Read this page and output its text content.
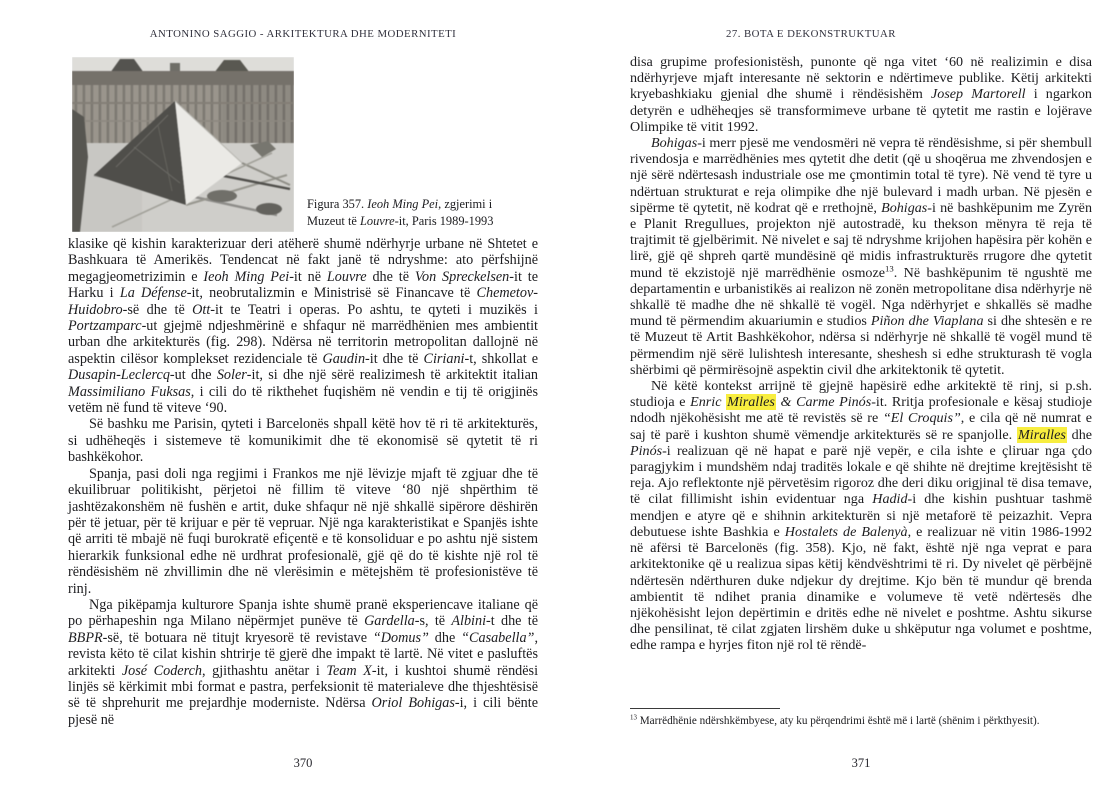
ANTONINO SAGGIO - ARKITEKTURA DHE MODERNITETI
Figura 357. Ieoh Ming Pei, zgjerimi i Muzeut të Louvre-it, Paris 1989-1993

klasike që kishin karakterizuar deri atëherë shumë ndërhyrje urbane në Shtetet e Bashkuara të Amerikës. Tendencat në fakt janë të ndryshme: ato përfshijnë megagjeometrizimin e Ieoh Ming Pei-it në Louvre dhe të Von Spreckelsen-it te Harku i La Défense-it, neobrutalizmin e Ministrisë së Financave të Chemetov-Huidobro-së dhe të Ott-it te Teatri i operas. Po ashtu, te qyteti i muzikës i Portzamparc-ut gjejmë ndjeshmërinë e shfaqur në marrëdhënien mes ambientit urban dhe arkitekturës (fig. 298). Ndërsa në territorin metropolitan dallojnë në aspektin cilësor komplekset rezidenciale të Gaudin-it dhe të Ciriani-t, shkollat e Dusapin-Leclercq-ut dhe Soler-it, si dhe një sërë realizimesh të arkitektit italian Massimiliano Fuksas, i cili do të rikthehet fuqishëm në vendin e tij të origjinës vetëm në fund të viteve ‘90.

Së bashku me Parisin, qyteti i Barcelonës shpall këtë hov të ri të arkitekturës, si udhëheqës i sistemeve të komunikimit dhe të ekonomisë së qytetit të ri bashkëkohor.

Spanja, pasi doli nga regjimi i Frankos me një lëvizje mjaft të zgjuar dhe të ekuilibruar politikisht, përjetoi në fillim të viteve ‘80 një shpërthim të jashtëzakonshëm në fushën e artit, duke shfaqur në një shkallë sipërore dëshirën për të jetuar, për të krijuar e për të vepruar. Një nga karakteristikat e Spanjës ishte që arriti të mbajë në fuqi burokratë efiçentë e të konsoliduar e po ashtu një sistem hierarkik funksional edhe në urdhrat profesionalë, gjë që do të kishte një rol të rëndësishëm në zhvillimin dhe në vlerësimin e mëtejshëm të profesionistëve të rinj.

Nga pikëpamja kulturore Spanja ishte shumë pranë eksperiencave italiane që po përhapeshin nga Milano nëpërmjet punëve të Gardella-s, të Albini-t dhe të BBPR-së, të botuara në titujt kryesorë të revistave “Domus” dhe “Casabella”, revista këto të cilat kishin shtrirje të gjerë dhe impakt të lartë. Në vitet e pasluftës arkitekti José Coderch, gjithashtu anëtar i Team X-it, i kushtoi shumë rëndësi linjës së kërkimit mbi format e pastra, perfeksionit të materialeve dhe thjeshtësisë së të shprehurit me prejardhje moderniste. Ndërsa Oriol Bohigas-i, i cili bënte pjesë në

27. BOTA E DEKONSTRUKTUAR

disa grupime profesionistësh, punonte që nga vitet ‘60 në realizimin e disa ndërhyrjeve mjaft interesante në sektorin e ndërtimeve publike. Këtij arkitekti kryebashkiaku gjenial dhe shumë i rëndësishëm Josep Martorell i ngarkon detyrën e udhëheqjes së transformimeve urbane të qytetit me rastin e lojërave Olimpike të vitit 1992.

Bohigas-i merr pjesë me vendosmëri në vepra të rëndësishme, si për shembull rivendosja e marrëdhënies mes qytetit dhe detit (që u shoqërua me zhvendosjen e një sërë ndërtesash industriale ose me çmontimin total të tyre). Në vend të tyre u ndërtuan strukturat e reja olimpike dhe një bulevard i madh urban. Në pjesën e sipërme të qytetit, në kodrat që e rrethojnë, Bohigas-i në bashkëpunim me Zyrën e Planit Rregullues, projekton një autostradë, ku thekson mënyra të reja të trajtimit të gjelbërimit. Në nivelet e saj të ndryshme krijohen hapësira për kohën e lirë, gjë që shpreh qartë mundësinë që midis infrastrukturës rrugore dhe qytetit mund të ekzistojë një marrëdhënie osmoze$^{13}$. Në bashkëpunim të ngushtë me departamentin e urbanistikës ai realizon në zonën metropolitane disa ndërhyrje në shkallë të madhe dhe në shkallë të vogël. Nga ndërhyrjet e shkallës së madhe mund të përmendim akuariumin e studios Piñon dhe Viaplana si dhe shtesën e re të Muzeut të Artit Bashkëkohor, ndërsa si ndërhyrje në shkallë të vogël mund të përmendim një sërë lulishtesh interesante, sheshesh si edhe strukturash të vogla shërbimi që përmirësojnë aspektin civil dhe arkitektonik të qytetit.

Në këtë kontekst arrijnë të gjejnë hapësirë edhe arkitektë të rinj, si p.sh. studioja e Enric Miralles & Carme Pinós-it. Rritja profesionale e kësaj studioje ndodh njëkohësisht me atë të revistës së re “El Croquis”, e cila që në numrat e saj të parë i kushton shumë vëmendje arkitekturës së re spanjolle. Miralles dhe Pinós-i realizuan që në hapat e parë një vepër, e cila ishte e çliruar nga çdo paragjykim i mundshëm ndaj traditës lokale e që shihte në drejtime krejtësisht të reja. Ajo reflektonte një përvetësim rigoroz dhe deri diku origjinal të disa temave, të cilat fillimisht ishin evidentuar nga Hadid-i dhe kishin pushtuar tashmë mendjen e atyre që e shihnin arkitekturën si një metaforë të peizazhit. Vepra debutuese ishte Bashkia e Hostalets de Balenyà, e realizuar në vitin 1986-1992 në afërsi të Barcelonës (fig. 358). Kjo, në fakt, është një nga veprat e para arkitektonike që u realizua sipas këtij këndvështrimi të ri. Dy nivelet që përbëjnë ndërtesën ndërthuren duke ndjekur dy drejtime. Kjo bën të mundur që brenda ambientit të ndihet prania dinamike e volumeve të vetë ndërtesës dhe njëkohësisht lejon depërtimin e dritës edhe në nivelet e poshtme. Ashtu sikurse dhe pensilinat, të cilat zgjaten lirshëm duke u shkëputur nga volumet e poshtme, edhe rampa e hyrjes fiton një rol të rëndë-

$^{13}$ Marrëdhënie ndërshkëmbyese, aty ku përqendrimi është më i lartë (shënim i përkthyesit).
370	371
